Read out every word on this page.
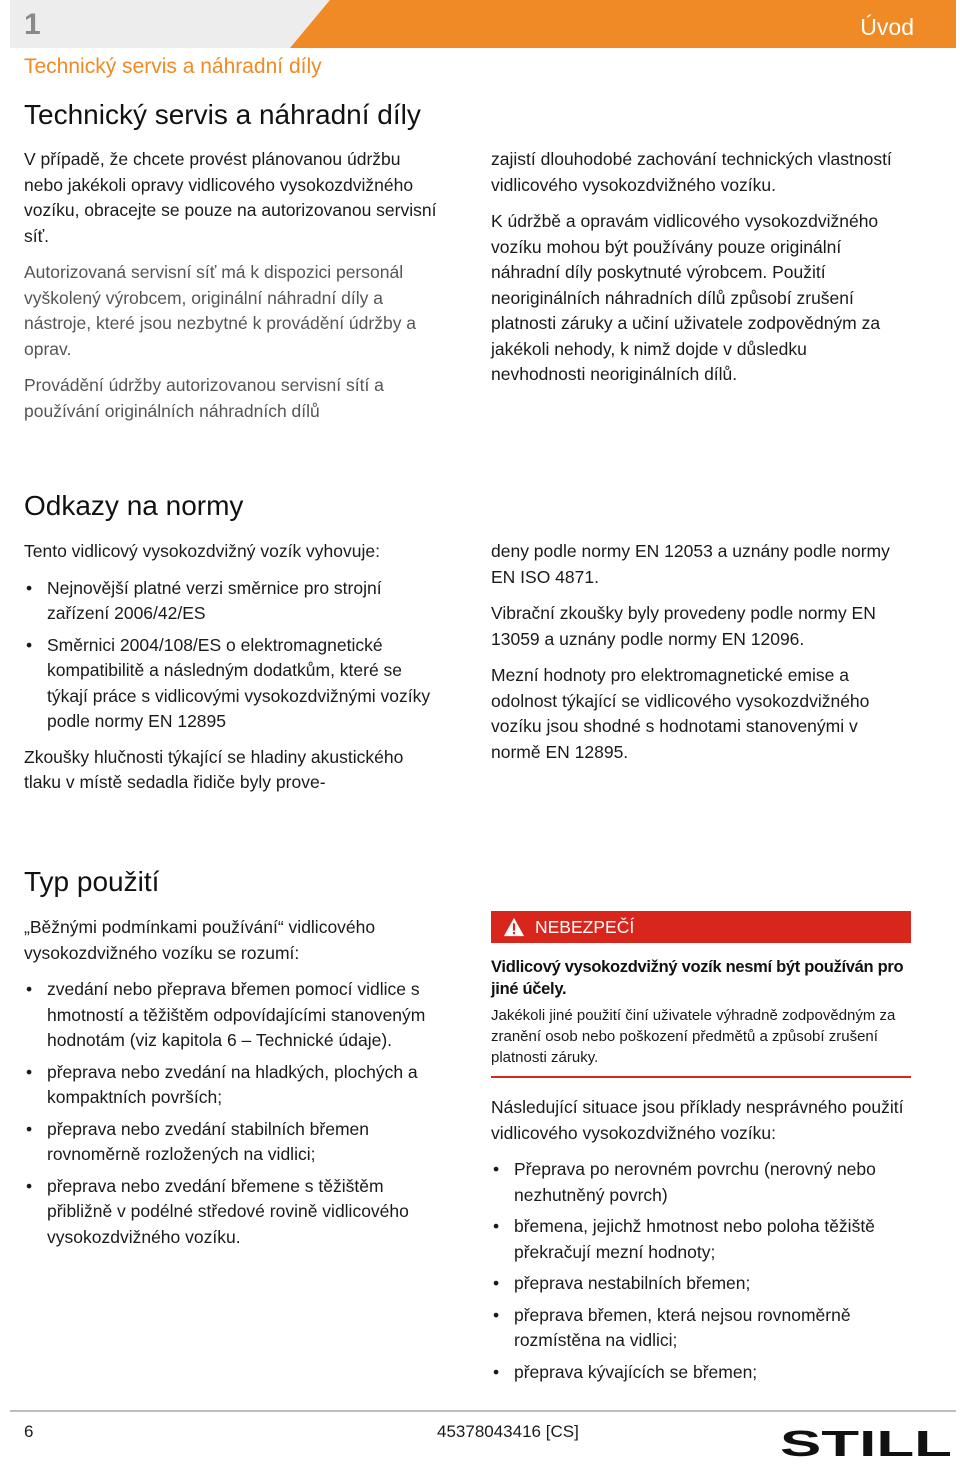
1	Úvod
Technický servis a náhradní díly
Technický servis a náhradní díly

V případě, že chcete provést plánovanou údržbu nebo jakékoli opravy vidlicového vysokozdvižného vozíku, obracejte se pouze na autorizovanou servisní síť.

Autorizovaná servisní síť má k dispozici personál vyškolený výrobcem, originální náhradní díly a nástroje, které jsou nezbytné k provádění údržby a oprav.

Provádění údržby autorizovanou servisní sítí a používání originálních náhradních dílů

zajistí dlouhodobé zachování technických vlastností vidlicového vysokozdvižného vozíku.

K údržbě a opravám vidlicového vysokozdvižného vozíku mohou být používány pouze originální náhradní díly poskytnuté výrobcem. Použití neoriginálních náhradních dílů způsobí zrušení platnosti záruky a učiní uživatele zodpovědným za jakékoli nehody, k nimž dojde v důsledku nevhodnosti neoriginálních dílů.

Odkazy na normy

Tento vidlicový vysokozdvižný vozík vyhovuje:

• Nejnovější platné verzi směrnice pro strojní zařízení 2006/42/ES
• Směrnici 2004/108/ES o elektromagnetické kompatibilitě a následným dodatkům, které se týkají práce s vidlicovými vysokozdvižnými vozíky podle normy EN 12895

Zkoušky hlučnosti týkající se hladiny akustického tlaku v místě sedadla řidiče byly prove-

deny podle normy EN 12053 a uznány podle normy EN ISO 4871.

Vibrační zkoušky byly provedeny podle normy EN 13059 a uznány podle normy EN 12096.

Mezní hodnoty pro elektromagnetické emise a odolnost týkající se vidlicového vysokozdvižného vozíku jsou shodné s hodnotami stanovenými v normě EN 12895.

Typ použití

„Běžnými podmínkami používání“ vidlicového vysokozdvižného vozíku se rozumí:

• zvedání nebo přeprava břemen pomocí vidlice s hmotností a těžištěm odpovídajícími stanoveným hodnotám (viz kapitola 6 – Technické údaje).
• přeprava nebo zvedání na hladkých, plochých a kompaktních površích;
• přeprava nebo zvedání stabilních břemen rovnoměrně rozložených na vidlici;
• přeprava nebo zvedání břemene s těžištěm přibližně v podélné středové rovině vidlicového vysokozdvižného vozíku.
NEBEZPEČÍ
Vidlicový vysokozdvižný vozík nesmí být používán pro jiné účely.
Jakékoli jiné použití činí uživatele výhradně zodpovědným za zranění osob nebo poškození předmětů a způsobí zrušení platnosti záruky.

Následující situace jsou příklady nesprávného použití vidlicového vysokozdvižného vozíku:

• Přeprava po nerovném povrchu (nerovný nebo nezhutněný povrch)
• břemena, jejichž hmotnost nebo poloha těžiště překračují mezní hodnoty;
• přeprava nestabilních břemen;
• přeprava břemen, která nejsou rovnoměrně rozmístěna na vidlici;
• přeprava kývajících se břemen;
6	45378043416 [CS]	STILL
